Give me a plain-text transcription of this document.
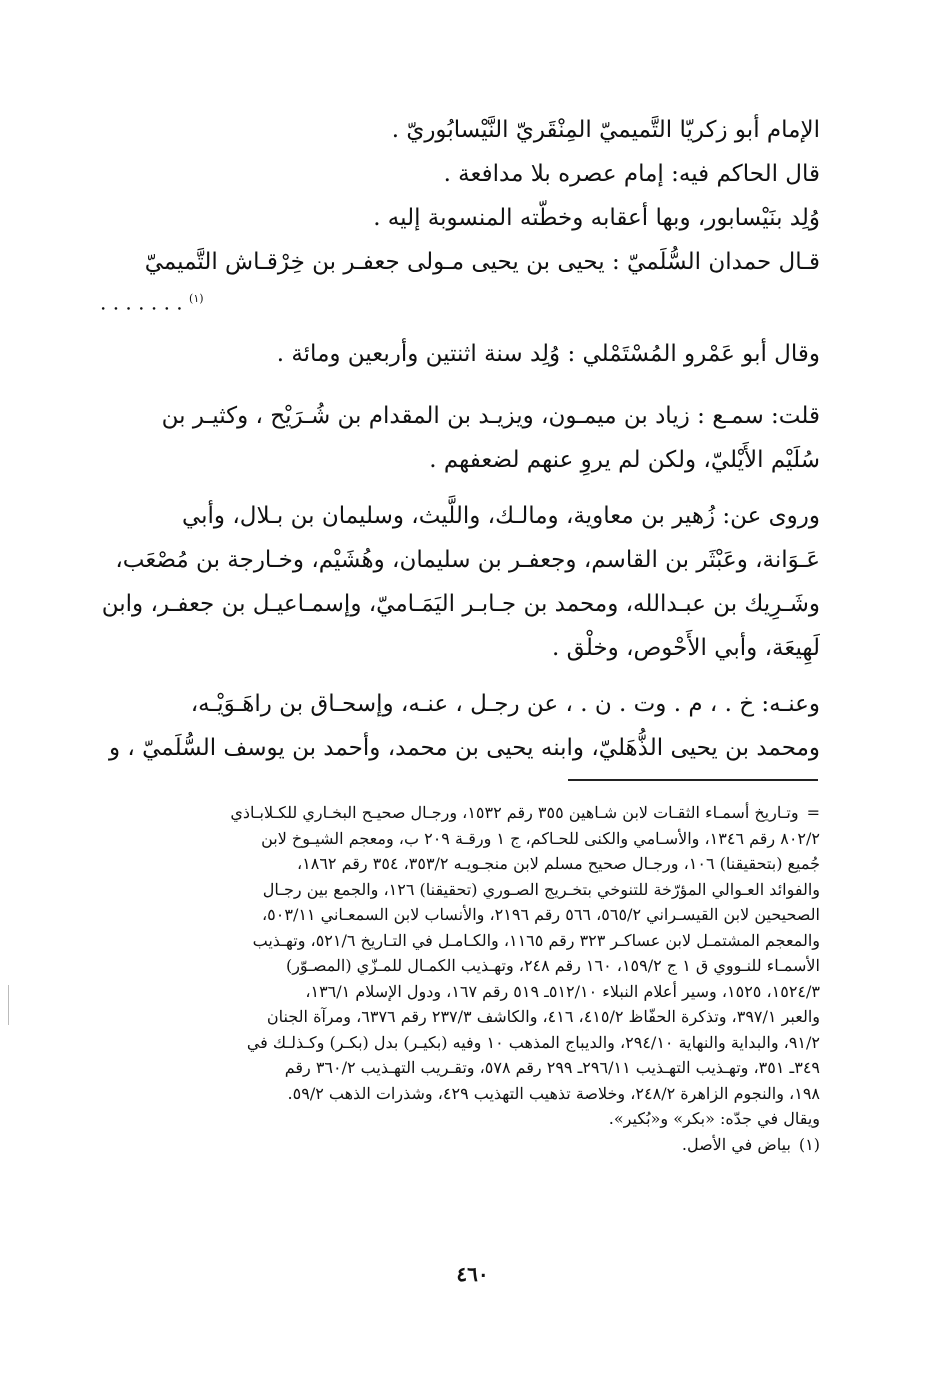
الإمام أبو زكريّا التَّميميّ المِنْقَريّ النَّيْسابُوريّ .
قال الحاكم فيه: إمام عصره بلا مدافعة .
وُلِد بنَيْسابور، وبها أعقابه وخطّته المنسوبة إليه .
قـال حمدان السُّلَميّ : يحيى بن يحيى مـولى جعفـر بن خِرْقـاش التَّميميّ
$^{(١)}$ . . . . . . .
وقال أبو عَمْرو المُسْتَمْلي : وُلِد سنة اثنتين وأربعين ومائة .
قلت: سمـع : زياد بن ميمـون، ويزيـد بن المقدام بن شُـرَيْح ، وكثيـر بن
سُلَيْم الأَيْليّ، ولكن لم يروِ عنهم لضعفهم .
وروى عن: زُهير بن معاوية، ومالـك، واللَّيث، وسليمان بن بـلال، وأبي
عَـوَانة، وعَبْثَر بن القاسم، وجعفـر بن سليمان، وهُشَيْم، وخـارجة بن مُصْعَب،
وشَـرِيك بن عبـدالله، ومحمد بن جـابـر اليَمَـاميّ، وإسمـاعيـل بن جعفـر، وابن
لَهِيعَة، وأبي الأَحْوص، وخلْق .
وعنـه: خ . ، م . وت . ن . ، عن رجـل ، عنـه، وإسحـاق بن راهَـوَيْـه،
ومحمد بن يحيى الذُّهَليّ، وابنه يحيى بن محمد، وأحمد بن يوسف السُّلَميّ ، و
=وتـاريخ أسمـاء الثقـات لابن شـاهين ٣٥٥ رقم ١٥٣٢، ورجـال صحيـح البخـاري للكـلابـاذي
٨٠٢/٢ رقم ١٣٤٦، والأسـامي والكنى للحـاكم، ج ١ ورقـة ٢٠٩ ب، ومعجم الشيـوخ لابن
جُميع (بتحقيقنا) ١٠٦، ورجـال صحيح مسلم لابن منجـويـه ٣٥٣/٢، ٣٥٤ رقم ١٨٦٢،
والفوائد العـوالي المؤرّخة للتنوخي بتخـريج الصـوري (تحقيقنا) ١٢٦، والجمع بين رجـال
الصحيحين لابن القيسـراني ٥٦٥/٢، ٥٦٦ رقم ٢١٩٦، والأنساب لابن السمعـاني ٥٠٣/١١،
والمعجم المشتمـل لابن عساكـر ٣٢٣ رقم ١١٦٥، والكـامـل في التـاريخ ٥٢١/٦، وتهـذيب
الأسمـاء للنـووي ق ١ ج ١٥٩/٢، ١٦٠ رقم ٢٤٨، وتهـذيب الكمـال للمـزّي (المصـوّر)
١٥٢٤/٣، ١٥٢٥، وسير أعلام النبلاء ٥١٢/١٠ـ ٥١٩ رقم ١٦٧، ودول الإسلام ١٣٦/١،
والعبر ٣٩٧/١، وتذكرة الحفّاظ ٤١٥/٢، ٤١٦، والكاشف ٢٣٧/٣ رقم ٦٣٧٦، ومرآة الجنان
٩١/٢، والبداية والنهاية ٢٩٤/١٠، والديباج المذهب ١٠ وفيه (بكيـر) بدل (بكـر) وكـذلـك في
٣٤٩ـ ٣٥١، وتهـذيب التهـذيب ٢٩٦/١١ـ ٢٩٩ رقم ٥٧٨، وتقـريب التهـذيب ٣٦٠/٢ رقم
١٩٨، والنجوم الزاهرة ٢٤٨/٢، وخلاصة تذهيب التهذيب ٤٢٩، وشذرات الذهب ٥٩/٢.
ويقال في جدّه: «بكر» و«بُكير».
(١)بياض في الأصل.
٤٦٠
